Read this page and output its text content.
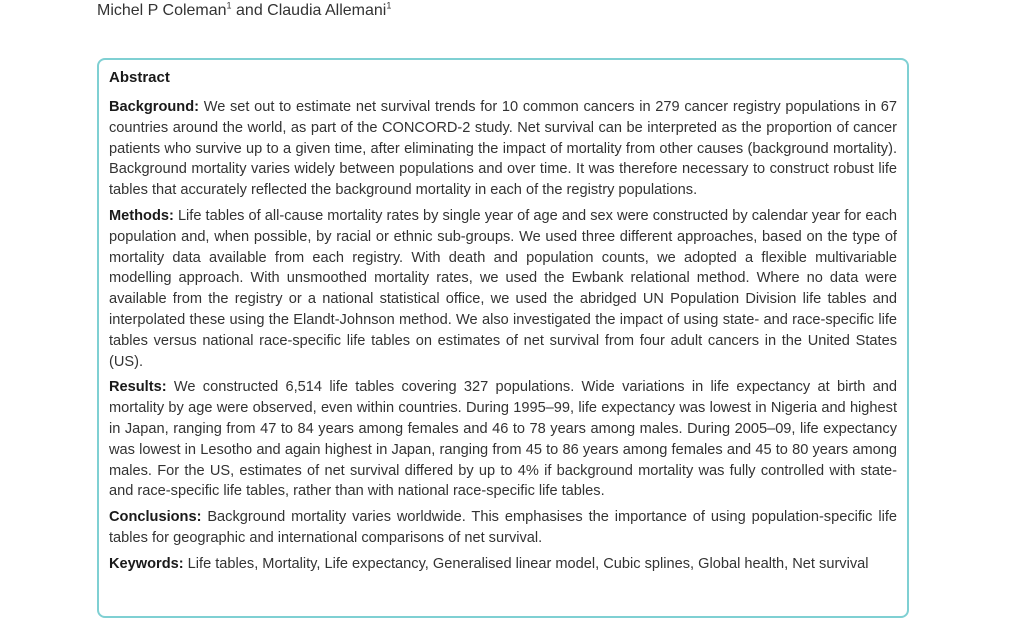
Michel P Coleman$^1$ and Claudia Allemani$^1$
Abstract

Background: We set out to estimate net survival trends for 10 common cancers in 279 cancer registry populations in 67 countries around the world, as part of the CONCORD-2 study. Net survival can be interpreted as the proportion of cancer patients who survive up to a given time, after eliminating the impact of mortality from other causes (background mortality). Background mortality varies widely between populations and over time. It was therefore necessary to construct robust life tables that accurately reflected the background mortality in each of the registry populations.

Methods: Life tables of all-cause mortality rates by single year of age and sex were constructed by calendar year for each population and, when possible, by racial or ethnic sub-groups. We used three different approaches, based on the type of mortality data available from each registry. With death and population counts, we adopted a flexible multivariable modelling approach. With unsmoothed mortality rates, we used the Ewbank relational method. Where no data were available from the registry or a national statistical office, we used the abridged UN Population Division life tables and interpolated these using the Elandt-Johnson method. We also investigated the impact of using state- and race-specific life tables versus national race-specific life tables on estimates of net survival from four adult cancers in the United States (US).

Results: We constructed 6,514 life tables covering 327 populations. Wide variations in life expectancy at birth and mortality by age were observed, even within countries. During 1995–99, life expectancy was lowest in Nigeria and highest in Japan, ranging from 47 to 84 years among females and 46 to 78 years among males. During 2005–09, life expectancy was lowest in Lesotho and again highest in Japan, ranging from 45 to 86 years among females and 45 to 80 years among males. For the US, estimates of net survival differed by up to 4% if background mortality was fully controlled with state- and race-specific life tables, rather than with national race-specific life tables.

Conclusions: Background mortality varies worldwide. This emphasises the importance of using population-specific life tables for geographic and international comparisons of net survival.

Keywords: Life tables, Mortality, Life expectancy, Generalised linear model, Cubic splines, Global health, Net survival
